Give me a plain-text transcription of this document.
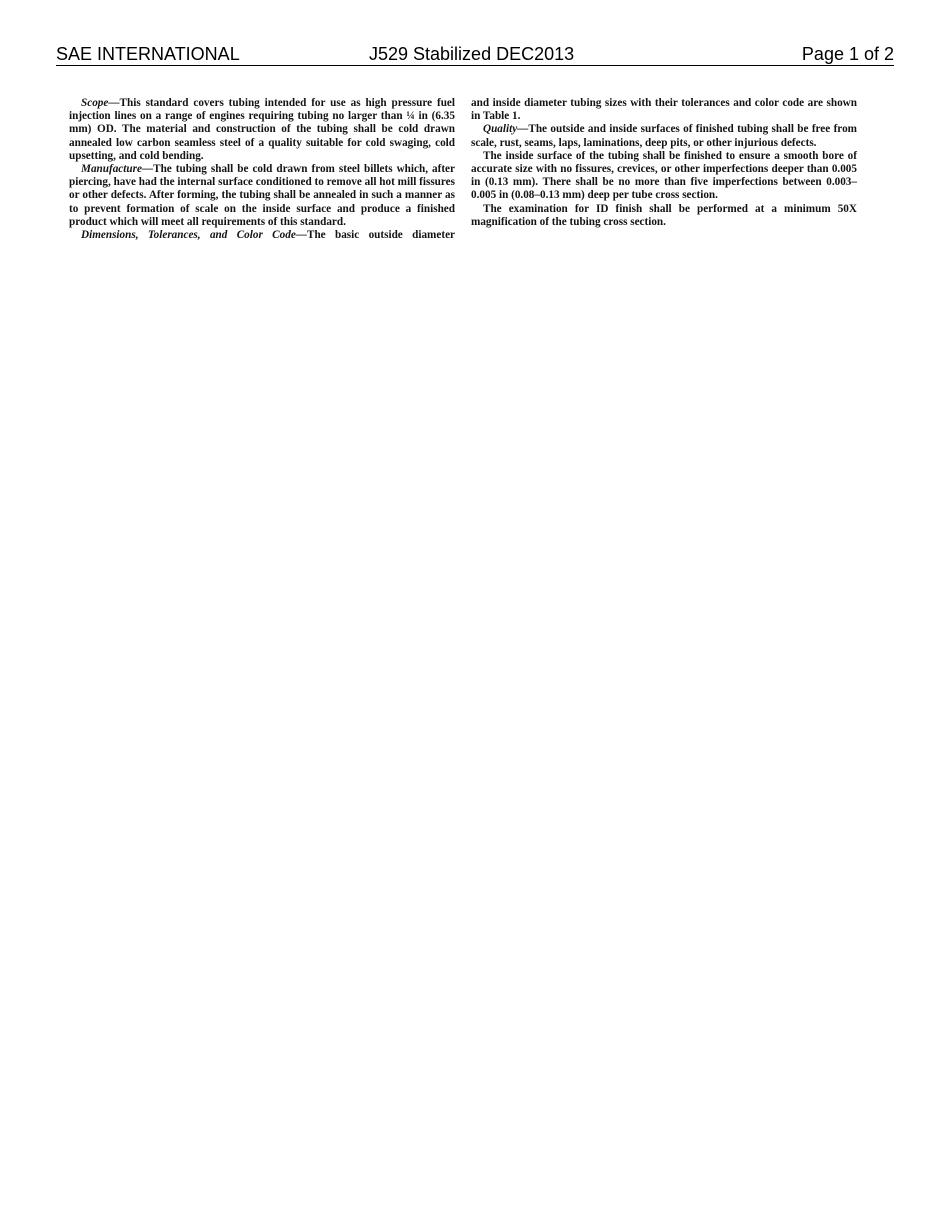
SAE INTERNATIONAL	J529 Stabilized DEC2013	Page 1 of 2

Scope—This standard covers tubing intended for use as high pressure fuel injection lines on a range of engines requiring tubing no larger than ¼ in (6.35 mm) OD. The material and construction of the tubing shall be cold drawn annealed low carbon seamless steel of a quality suitable for cold swaging, cold upsetting, and cold bending.

Manufacture—The tubing shall be cold drawn from steel billets which, after piercing, have had the internal surface conditioned to remove all hot mill fissures or other defects. After forming, the tubing shall be annealed in such a manner as to prevent formation of scale on the inside surface and produce a finished product which will meet all requirements of this standard.

Dimensions, Tolerances, and Color Code—The basic outside diameter

and inside diameter tubing sizes with their tolerances and color code are shown in Table 1.

Quality—The outside and inside surfaces of finished tubing shall be free from scale, rust, seams, laps, laminations, deep pits, or other injurious defects.

The inside surface of the tubing shall be finished to ensure a smooth bore of accurate size with no fissures, crevices, or other imperfections deeper than 0.005 in (0.13 mm). There shall be no more than five imperfections between 0.003–0.005 in (0.08–0.13 mm) deep per tube cross section.

The examination for ID finish shall be performed at a minimum 50X magnification of the tubing cross section.
